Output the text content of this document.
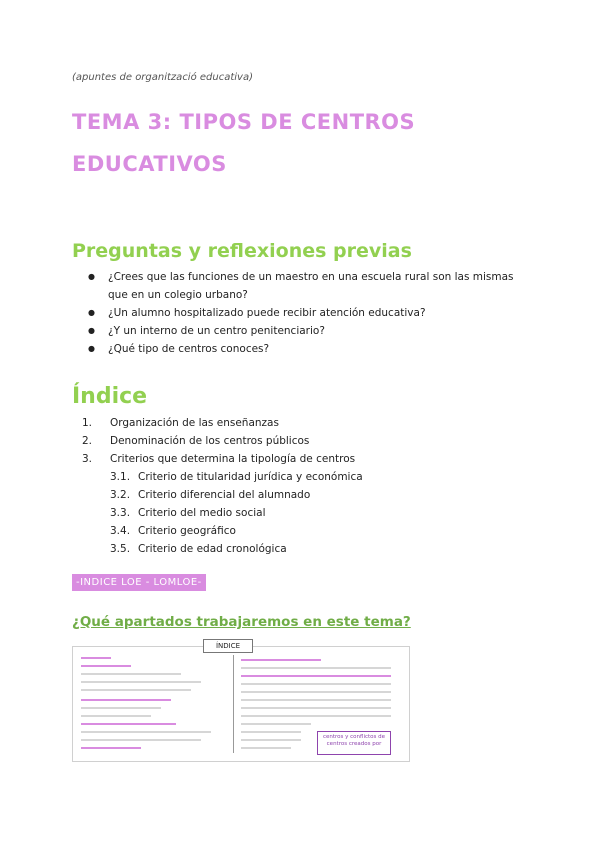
(apuntes de organització educativa)
TEMA 3: TIPOS DE CENTROS
EDUCATIVOS
Preguntas y reflexiones previas
● ¿Crees que las funciones de un maestro en una escuela rural son las mismas que en un colegio urbano?
● ¿Un alumno hospitalizado puede recibir atención educativa?
● ¿Y un interno de un centro penitenciario?
● ¿Qué tipo de centros conoces?
Índice
1. Organización de las enseñanzas
2. Denominación de los centros públicos
3. Criterios que determina la tipología de centros
3.1. Criterio de titularidad jurídica y económica
3.2. Criterio diferencial del alumnado
3.3. Criterio del medio social
3.4. Criterio geográfico
3.5. Criterio de edad cronológica
-INDICE LOE - LOMLOE-
¿Qué apartados trabajaremos en este tema?
ÍNDICE
centros y conflictos de centros creados por
